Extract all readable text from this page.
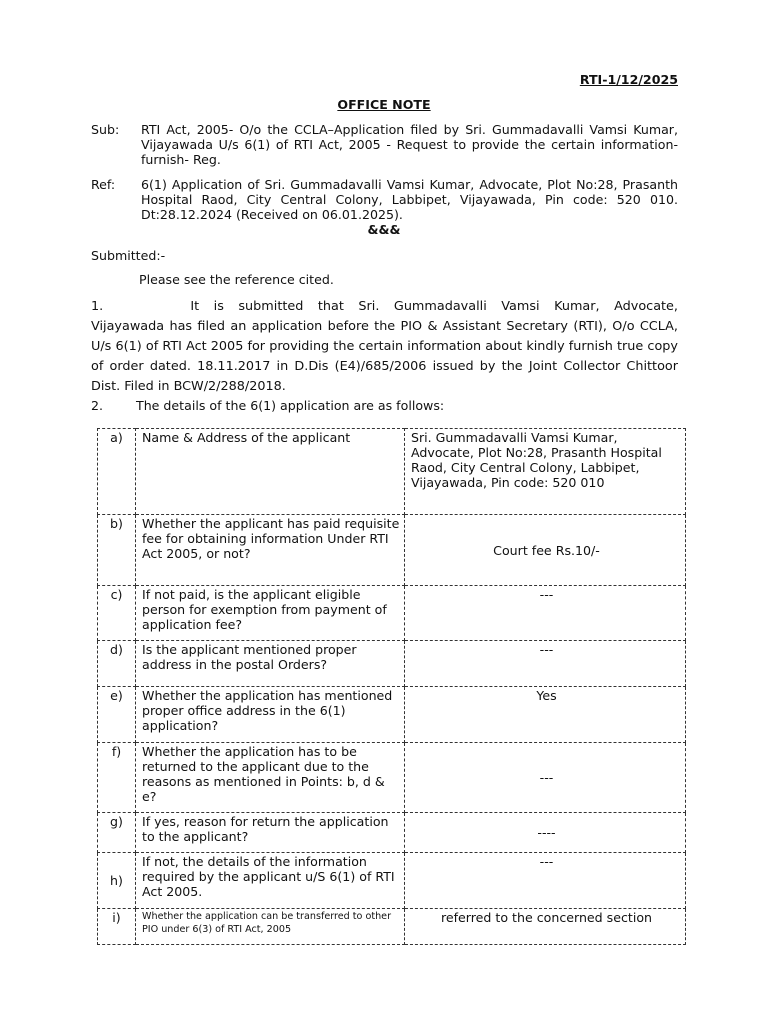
RTI-1/12/2025
OFFICE NOTE
Sub: RTI Act, 2005- O/o the CCLA–Application filed by Sri. Gummadavalli Vamsi Kumar, Vijayawada U/s 6(1) of RTI Act, 2005 - Request to provide the certain information- furnish- Reg.
Ref: 6(1) Application of Sri. Gummadavalli Vamsi Kumar, Advocate, Plot No:28, Prasanth Hospital Raod, City Central Colony, Labbipet, Vijayawada, Pin code: 520 010. Dt:28.12.2024 (Received on 06.01.2025).
&&&
Submitted:-
Please see the reference cited.
1.      It is submitted that Sri. Gummadavalli Vamsi Kumar, Advocate,
Vijayawada has filed an application before the PIO & Assistant Secretary (RTI), O/o CCLA, U/s 6(1) of RTI Act 2005 for providing the certain information about kindly furnish true copy of order dated. 18.11.2017 in D.Dis (E4)/685/2006 issued by the Joint Collector Chittoor Dist. Filed in BCW/2/288/2018.
2.	The details of the 6(1) application are as follows:
a)	Name & Address of the applicant	Sri. Gummadavalli Vamsi Kumar, Advocate, Plot No:28, Prasanth Hospital Raod, City Central Colony, Labbipet, Vijayawada, Pin code: 520 010
b)	Whether the applicant has paid requisite fee for obtaining information Under RTI Act 2005, or not?	Court fee Rs.10/-
c)	If not paid, is the applicant eligible person for exemption from payment of application fee?	---
d)	Is the applicant mentioned proper address in the postal Orders?	---
e)	Whether the application has mentioned proper office address in the 6(1) application?	Yes
f)	Whether the application has to be returned to the applicant due to the reasons as mentioned in Points: b, d & e?	---
g)	If yes, reason for return the application to the applicant?	----
h)	If not, the details of the information required by the applicant u/S 6(1) of RTI Act 2005.	---
i)	Whether the application can be transferred to other PIO under 6(3) of RTI Act, 2005	referred to the concerned section
